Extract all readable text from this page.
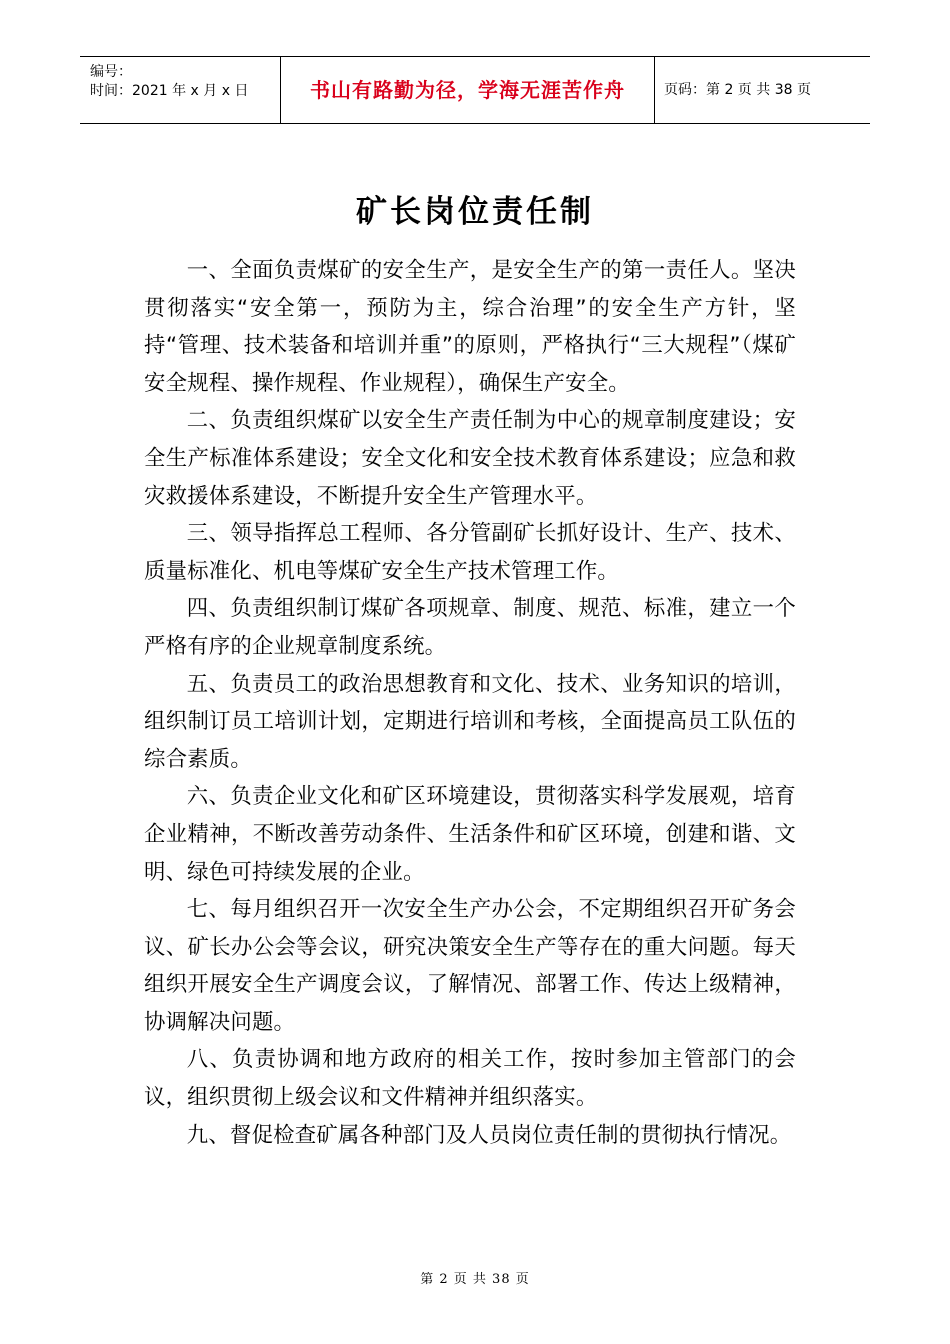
编号：
时间：2021 年 x 月 x 日	书山有路勤为径，学海无涯苦作舟	页码：第 2 页 共 38 页
矿长岗位责任制

一、全面负责煤矿的安全生产，是安全生产的第一责任人。坚决贯彻落实“安全第一，预防为主，综合治理”的安全生产方针，坚持“管理、技术装备和培训并重”的原则，严格执行“三大规程”（煤矿安全规程、操作规程、作业规程），确保生产安全。

二、负责组织煤矿以安全生产责任制为中心的规章制度建设；安全生产标准体系建设；安全文化和安全技术教育体系建设；应急和救灾救援体系建设，不断提升安全生产管理水平。

三、领导指挥总工程师、各分管副矿长抓好设计、生产、技术、质量标准化、机电等煤矿安全生产技术管理工作。

四、负责组织制订煤矿各项规章、制度、规范、标准，建立一个严格有序的企业规章制度系统。

五、负责员工的政治思想教育和文化、技术、业务知识的培训，组织制订员工培训计划，定期进行培训和考核，全面提高员工队伍的综合素质。

六、负责企业文化和矿区环境建设，贯彻落实科学发展观，培育企业精神，不断改善劳动条件、生活条件和矿区环境，创建和谐、文明、绿色可持续发展的企业。

七、每月组织召开一次安全生产办公会，不定期组织召开矿务会议、矿长办公会等会议，研究决策安全生产等存在的重大问题。每天组织开展安全生产调度会议，了解情况、部署工作、传达上级精神，协调解决问题。

八、负责协调和地方政府的相关工作，按时参加主管部门的会议，组织贯彻上级会议和文件精神并组织落实。

九、督促检查矿属各种部门及人员岗位责任制的贯彻执行情况。

第 2 页 共 38 页
